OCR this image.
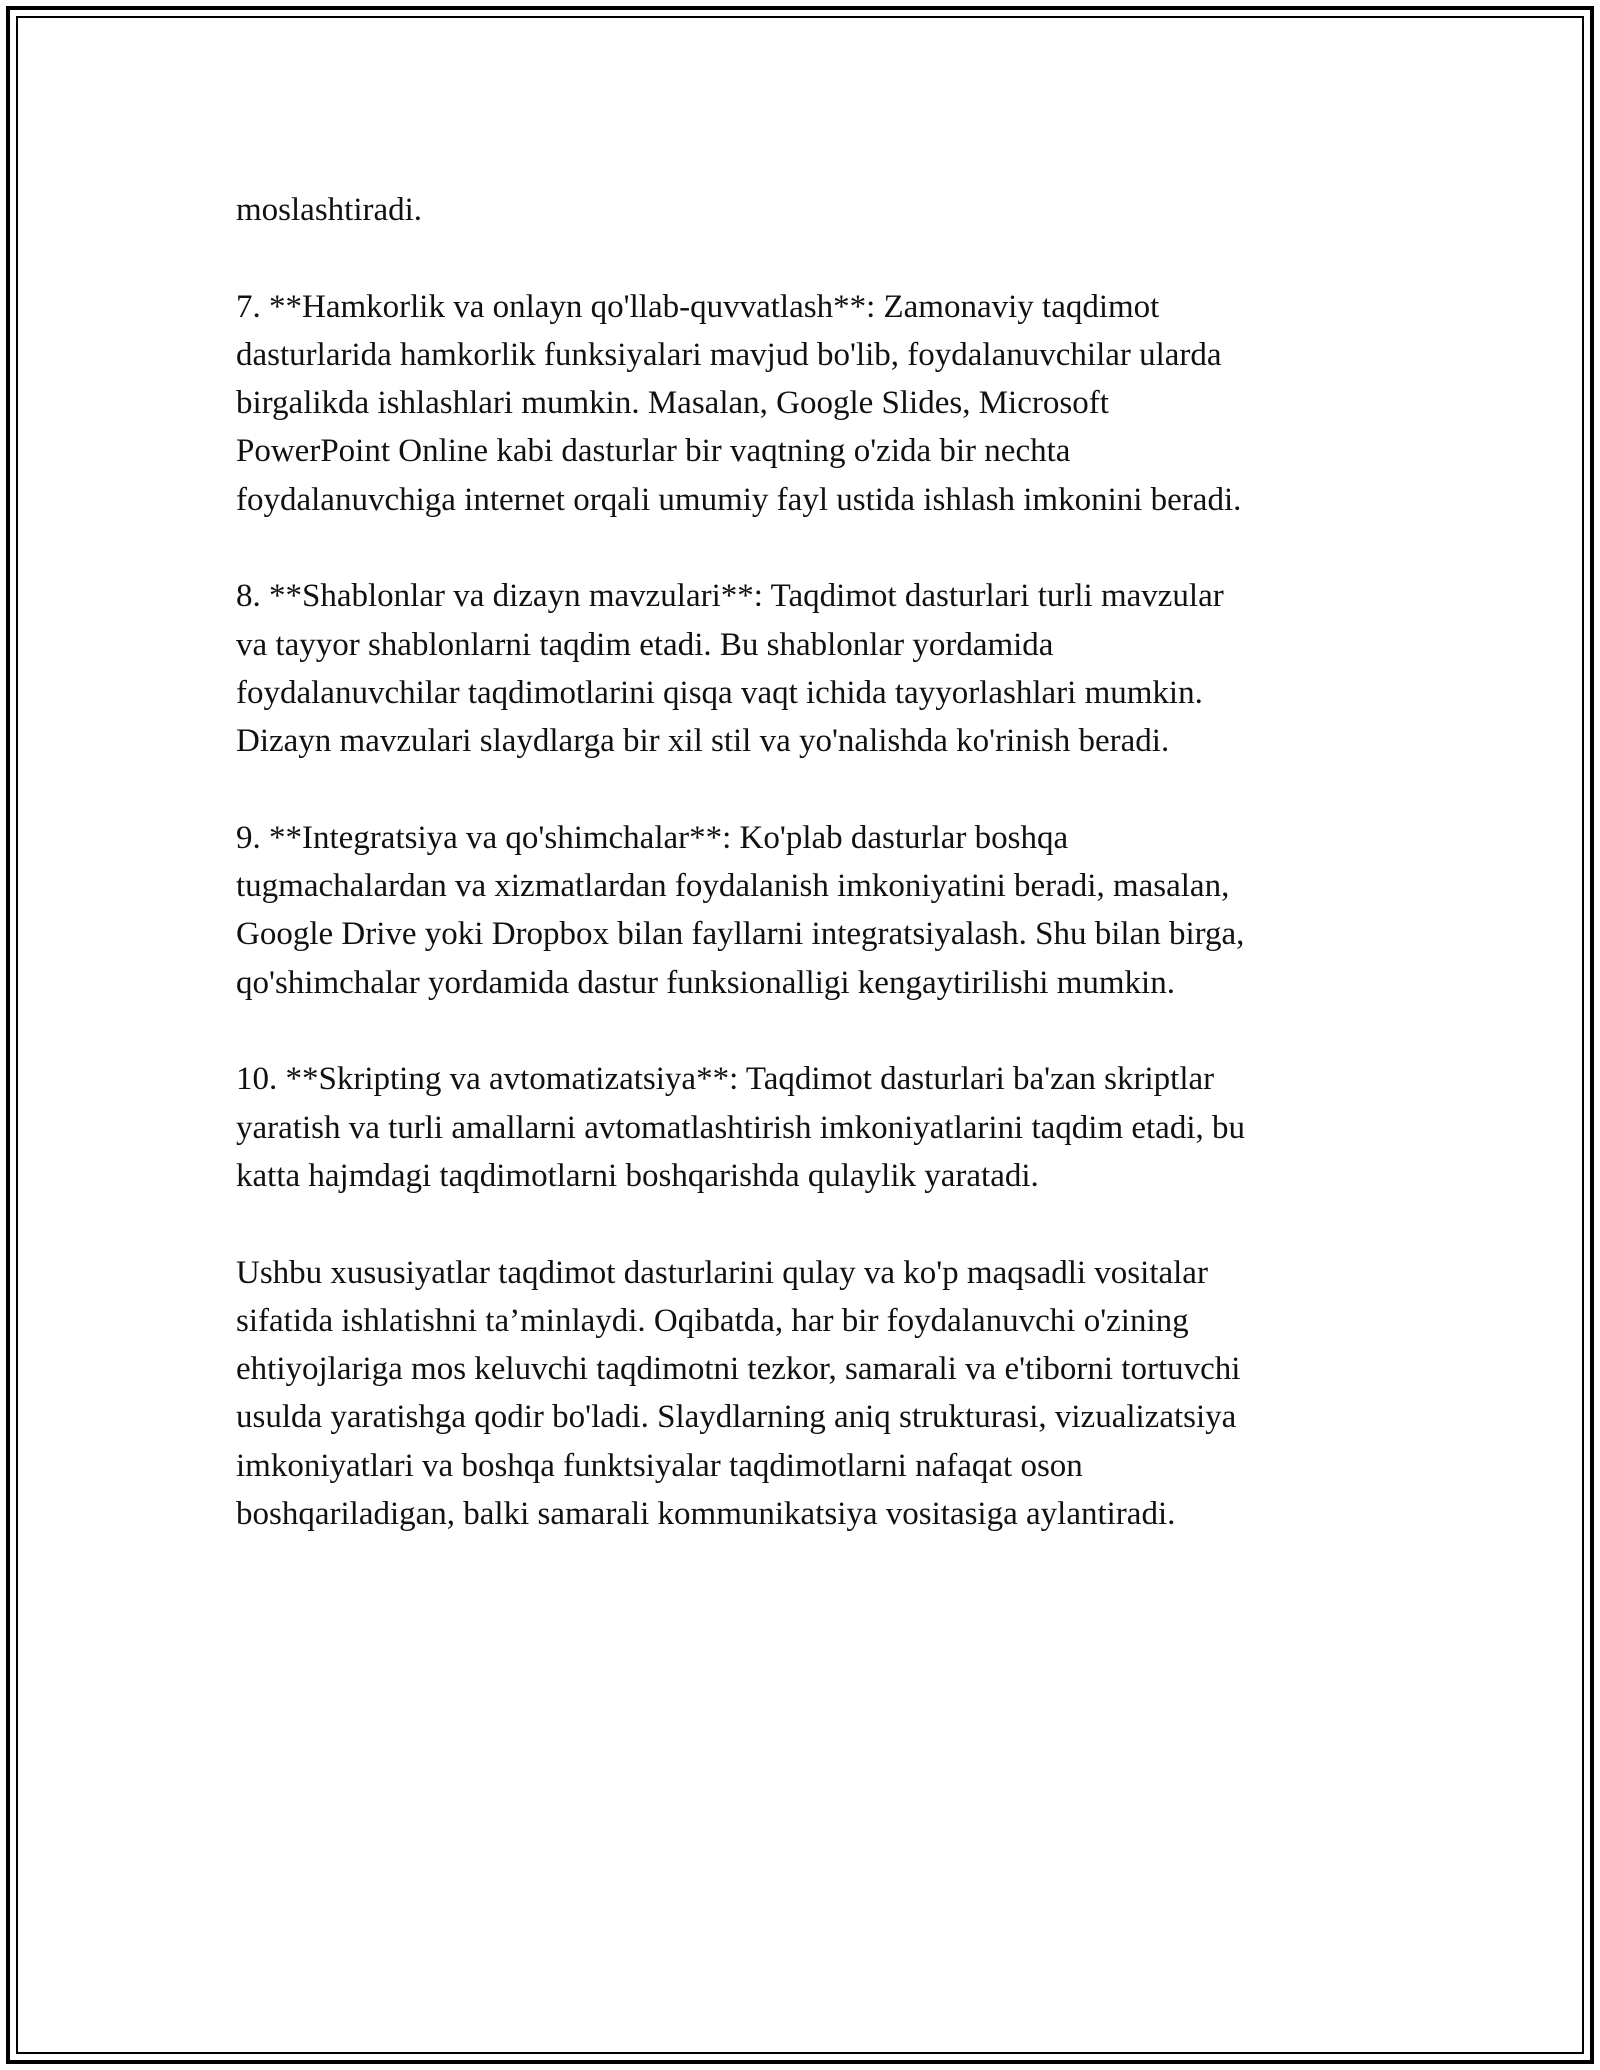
moslashtiradi.

7. **Hamkorlik va onlayn qo'llab-quvvatlash**: Zamonaviy taqdimot
dasturlarida hamkorlik funksiyalari mavjud bo'lib, foydalanuvchilar ularda
birgalikda ishlashlari mumkin. Masalan, Google Slides, Microsoft
PowerPoint Online kabi dasturlar bir vaqtning o'zida bir nechta
foydalanuvchiga internet orqali umumiy fayl ustida ishlash imkonini beradi.

8. **Shablonlar va dizayn mavzulari**: Taqdimot dasturlari turli mavzular
va tayyor shablonlarni taqdim etadi. Bu shablonlar yordamida
foydalanuvchilar taqdimotlarini qisqa vaqt ichida tayyorlashlari mumkin.
Dizayn mavzulari slaydlarga bir xil stil va yo'nalishda ko'rinish beradi.

9. **Integratsiya va qo'shimchalar**: Ko'plab dasturlar boshqa
tugmachalardan va xizmatlardan foydalanish imkoniyatini beradi, masalan,
Google Drive yoki Dropbox bilan fayllarni integratsiyalash. Shu bilan birga,
qo'shimchalar yordamida dastur funksionalligi kengaytirilishi mumkin.

10. **Skripting va avtomatizatsiya**: Taqdimot dasturlari ba'zan skriptlar
yaratish va turli amallarni avtomatlashtirish imkoniyatlarini taqdim etadi, bu
katta hajmdagi taqdimotlarni boshqarishda qulaylik yaratadi.

Ushbu xususiyatlar taqdimot dasturlarini qulay va ko'p maqsadli vositalar
sifatida ishlatishni ta’minlaydi. Oqibatda, har bir foydalanuvchi o'zining
ehtiyojlariga mos keluvchi taqdimotni tezkor, samarali va e'tiborni tortuvchi
usulda yaratishga qodir bo'ladi. Slaydlarning aniq strukturasi, vizualizatsiya
imkoniyatlari va boshqa funktsiyalar taqdimotlarni nafaqat oson
boshqariladigan, balki samarali kommunikatsiya vositasiga aylantiradi.
